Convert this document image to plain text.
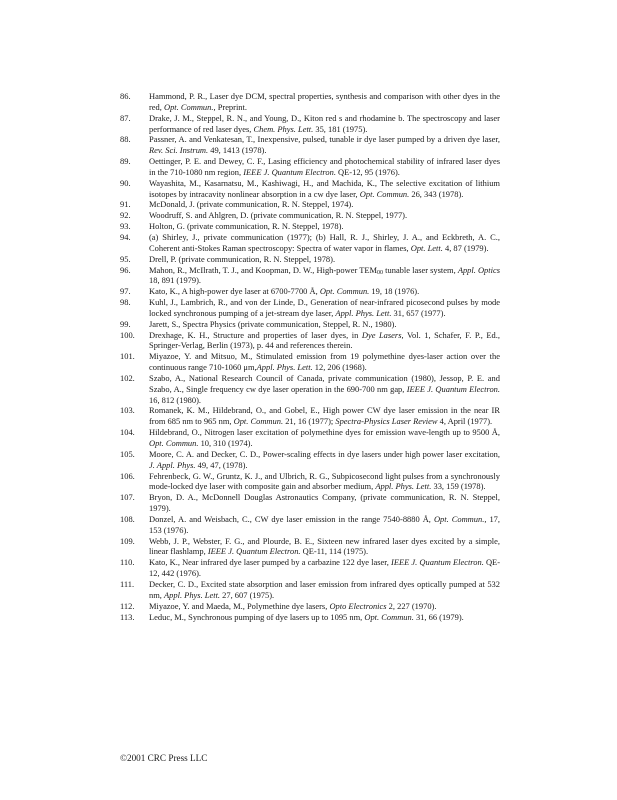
86.	Hammond, P. R., Laser dye DCM, spectral properties, synthesis and comparison with other dyes in the red, Opt. Commun., Preprint.
87.	Drake, J. M., Steppel, R. N., and Young, D., Kiton red s and rhodamine b. The spectroscopy and laser performance of red laser dyes, Chem. Phys. Lett. 35, 181 (1975).
88.	Passner, A. and Venkatesan, T., Inexpensive, pulsed, tunable ir dye laser pumped by a driven dye laser, Rev. Sci. Instrum. 49, 1413 (1978).
89.	Oettinger, P. E. and Dewey, C. F., Lasing efficiency and photochemical stability of infrared laser dyes in the 710-1080 nm region, IEEE J. Quantum Electron. QE-12, 95 (1976).
90.	Wayashita, M., Kasarnatsu, M., Kashiwagi, H., and Machida, K., The selective excitation of lithium isotopes by intracavity nonlinear absorption in a cw dye laser, Opt. Commun. 26, 343 (1978).
91.	McDonald, J. (private communication, R. N. Steppel, 1974).
92.	Woodruff, S. and Ahlgren, D. (private communication, R. N. Steppel, 1977).
93.	Holton, G. (private communication, R. N. Steppel, 1978).
94.	(a) Shirley, J., private communication (1977); (b) Hall, R. J., Shirley, J. A., and Eckbreth, A. C., Coherent anti-Stokes Raman spectroscopy: Spectra of water vapor in flames, Opt. Lett. 4, 87 (1979).
95.	Drell, P. (private communication, R. N. Steppel, 1978).
96.	Mahon, R., McIlrath, T. J., and Koopman, D. W., High-power $TEM_{00}$ tunable laser system, Appl. Optics 18, 891 (1979).
97.	Kato, K., A high-power dye laser at 6700-7700 Å, Opt. Commun. 19, 18 (1976).
98.	Kuhl, J., Lambrich, R., and von der Linde, D., Generation of near-infrared picosecond pulses by mode locked synchronous pumping of a jet-stream dye laser, Appl. Phys. Lett. 31, 657 (1977).
99.	Jarett, S., Spectra Physics (private communication, Steppel, R. N., 1980).
100.	Drexhage, K. H., Structure and properties of laser dyes, in Dye Lasers, Vol. 1, Schafer, F. P., Ed., Springer-Verlag, Berlin (1973), p. 44 and references therein.
101.	Miyazoe, Y. and Mitsuo, M., Stimulated emission from 19 polymethine dyes-laser action over the continuous range 710-1060 μm,Appl. Phys. Lett. 12, 206 (1968).
102.	Szabo, A., National Research Council of Canada, private communication (1980), Jessop, P. E. and Szabo, A., Single frequency cw dye laser operation in the 690-700 nm gap, IEEE J. Quantum Electron. 16, 812 (1980).
103.	Romanek, K. M., Hildebrand, O., and Gobel, E., High power CW dye laser emission in the near IR from 685 nm to 965 nm, Opt. Commun. 21, 16 (1977); Spectra-Physics Laser Review 4, April (1977).
104.	Hildebrand, O., Nitrogen laser excitation of polymethine dyes for emission wave-length up to 9500 Å, Opt. Commun. 10, 310 (1974).
105.	Moore, C. A. and Decker, C. D., Power-scaling effects in dye lasers under high power laser excitation, J. Appl. Phys. 49, 47, (1978).
106.	Fehrenbeck, G. W., Gruntz, K. J., and Ulbrich, R. G., Subpicosecond light pulses from a synchronously mode-locked dye laser with composite gain and absorber medium, Appl. Phys. Lett. 33, 159 (1978).
107.	Bryon, D. A., McDonnell Douglas Astronautics Company, (private communication, R. N. Steppel, 1979).
108.	Donzel, A. and Weisbach, C., CW dye laser emission in the range 7540-8880 Å, Opt. Commun., 17, 153 (1976).
109.	Webb, J. P., Webster, F. G., and Plourde, B. E., Sixteen new infrared laser dyes excited by a simple, linear flashlamp, IEEE J. Quantum Electron. QE-11, 114 (1975).
110.	Kato, K., Near infrared dye laser pumped by a carbazine 122 dye laser, IEEE J. Quantum Electron. QE-12, 442 (1976).
111.	Decker, C. D., Excited state absorption and laser emission from infrared dyes optically pumped at 532 nm, Appl. Phys. Lett. 27, 607 (1975).
112.	Miyazoe, Y. and Maeda, M., Polymethine dye lasers, Opto Electronics 2, 227 (1970).
113.	Leduc, M., Synchronous pumping of dye lasers up to 1095 nm, Opt. Commun. 31, 66 (1979).
©2001 CRC Press LLC
